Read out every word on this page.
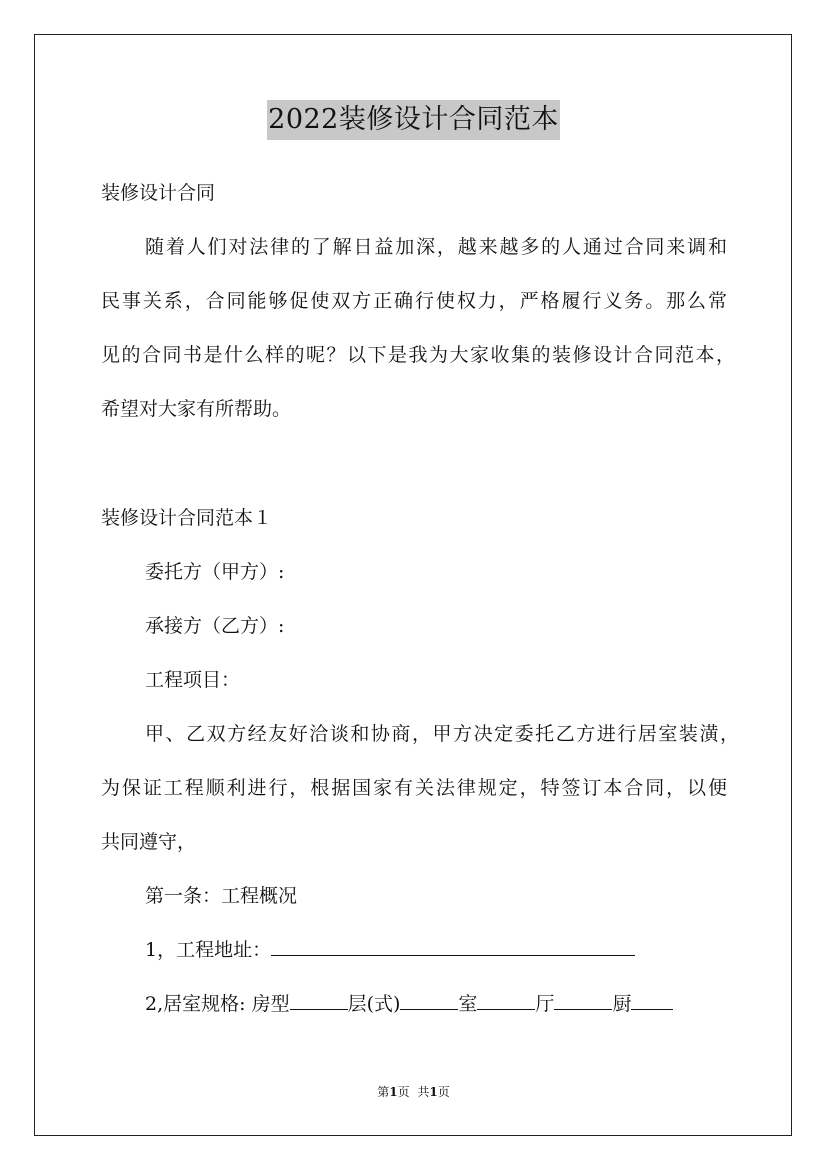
2022装修设计合同范本
装修设计合同
随着人们对法律的了解日益加深，越来越多的人通过合同来调和
民事关系，合同能够促使双方正确行使权力，严格履行义务。那么常
见的合同书是什么样的呢？以下是我为大家收集的装修设计合同范本，
希望对大家有所帮助。
装修设计合同范本１
委托方（甲方）:
承接方（乙方）:
工程项目：
甲、乙双方经友好洽谈和协商，甲方决定委托乙方进行居室装潢，
为保证工程顺利进行，根据国家有关法律规定，特签订本合同，以便
共同遵守，
第一条：工程概况
1，工程地址：
2,居室规格: 房型	层(式)	室	厅	厨
第1页 共1页
